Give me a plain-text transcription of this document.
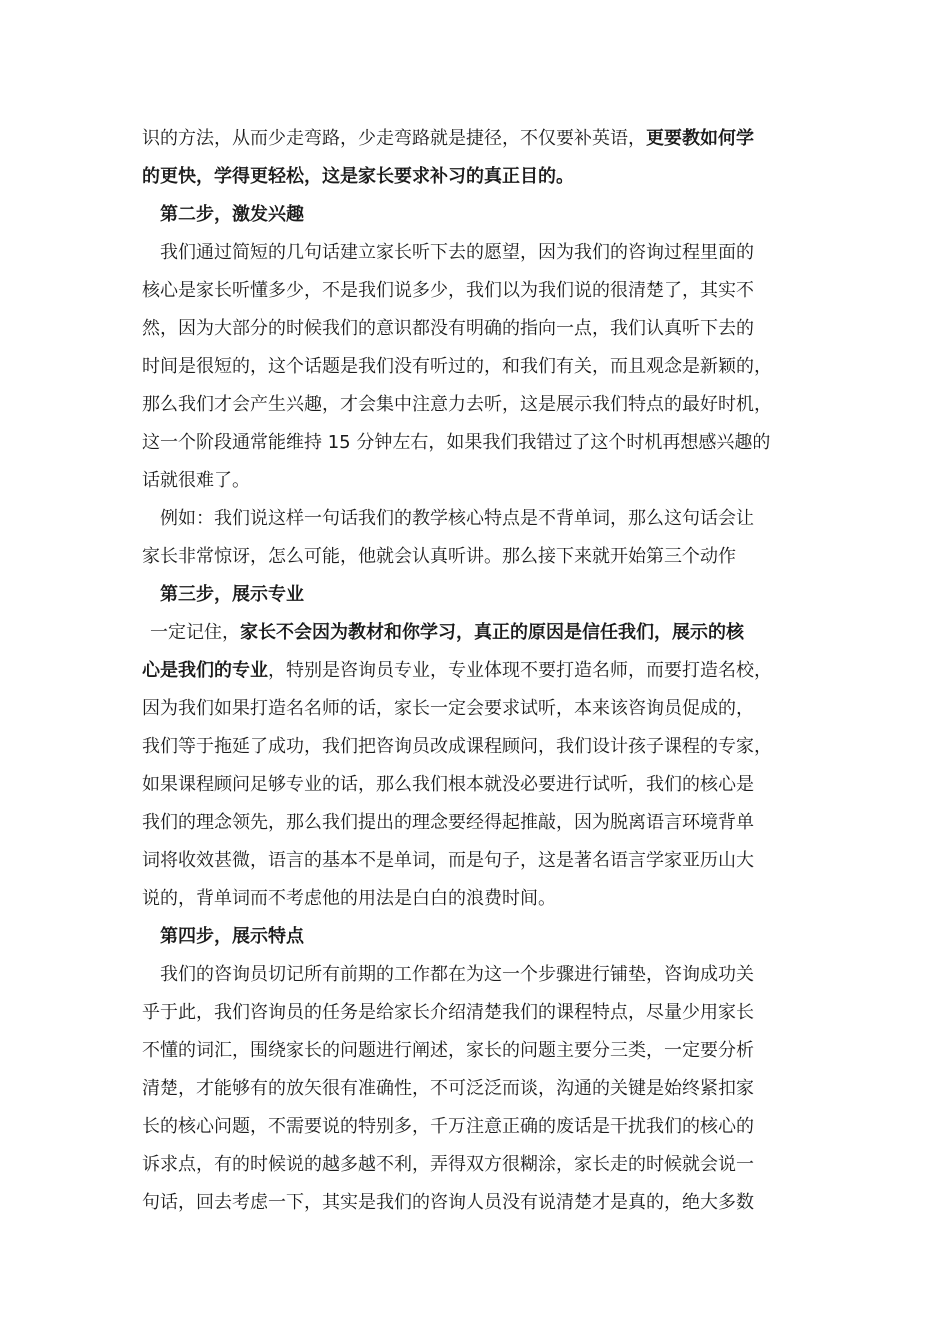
识的方法，从而少走弯路，少走弯路就是捷径，不仅要补英语，更要教如何学
的更快，学得更轻松，这是家长要求补习的真正目的。
第二步，激发兴趣
我们通过简短的几句话建立家长听下去的愿望，因为我们的咨询过程里面的
核心是家长听懂多少，不是我们说多少，我们以为我们说的很清楚了，其实不
然，因为大部分的时候我们的意识都没有明确的指向一点，我们认真听下去的
时间是很短的，这个话题是我们没有听过的，和我们有关，而且观念是新颖的，
那么我们才会产生兴趣，才会集中注意力去听，这是展示我们特点的最好时机，
这一个阶段通常能维持 15 分钟左右，如果我们我错过了这个时机再想感兴趣的
话就很难了。
例如：我们说这样一句话我们的教学核心特点是不背单词，那么这句话会让
家长非常惊讶，怎么可能，他就会认真听讲。那么接下来就开始第三个动作
第三步，展示专业
一定记住，家长不会因为教材和你学习，真正的原因是信任我们，展示的核
心是我们的专业，特别是咨询员专业，专业体现不要打造名师，而要打造名校，
因为我们如果打造名名师的话，家长一定会要求试听，本来该咨询员促成的，
我们等于拖延了成功，我们把咨询员改成课程顾问，我们设计孩子课程的专家，
如果课程顾问足够专业的话，那么我们根本就没必要进行试听，我们的核心是
我们的理念领先，那么我们提出的理念要经得起推敲，因为脱离语言环境背单
词将收效甚微，语言的基本不是单词，而是句子，这是著名语言学家亚历山大
说的，背单词而不考虑他的用法是白白的浪费时间。
第四步，展示特点
我们的咨询员切记所有前期的工作都在为这一个步骤进行铺垫，咨询成功关
乎于此，我们咨询员的任务是给家长介绍清楚我们的课程特点，尽量少用家长
不懂的词汇，围绕家长的问题进行阐述，家长的问题主要分三类，一定要分析
清楚，才能够有的放矢很有准确性，不可泛泛而谈，沟通的关键是始终紧扣家
长的核心问题，不需要说的特别多，千万注意正确的废话是干扰我们的核心的
诉求点，有的时候说的越多越不利，弄得双方很糊涂，家长走的时候就会说一
句话，回去考虑一下，其实是我们的咨询人员没有说清楚才是真的，绝大多数
